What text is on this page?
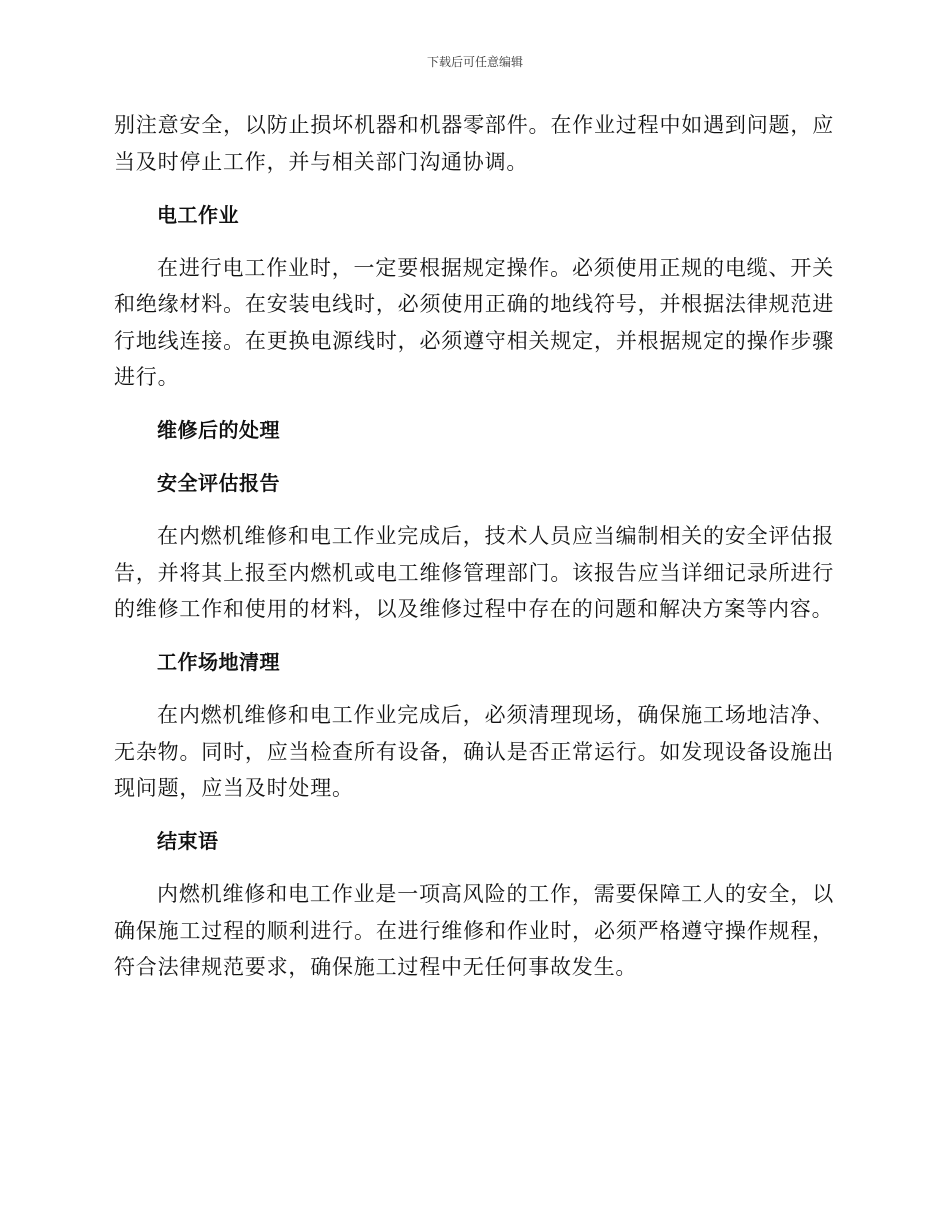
下载后可任意编辑

别注意安全，以防止损坏机器和机器零部件。在作业过程中如遇到问题，应当及时停止工作，并与相关部门沟通协调。

电工作业

在进行电工作业时，一定要根据规定操作。必须使用正规的电缆、开关和绝缘材料。在安装电线时，必须使用正确的地线符号，并根据法律规范进行地线连接。在更换电源线时，必须遵守相关规定，并根据规定的操作步骤进行。

维修后的处理
安全评估报告

在内燃机维修和电工作业完成后，技术人员应当编制相关的安全评估报告，并将其上报至内燃机或电工维修管理部门。该报告应当详细记录所进行的维修工作和使用的材料，以及维修过程中存在的问题和解决方案等内容。

工作场地清理

在内燃机维修和电工作业完成后，必须清理现场，确保施工场地洁净、无杂物。同时，应当检查所有设备，确认是否正常运行。如发现设备设施出现问题，应当及时处理。

结束语

内燃机维修和电工作业是一项高风险的工作，需要保障工人的安全，以确保施工过程的顺利进行。在进行维修和作业时，必须严格遵守操作规程，符合法律规范要求，确保施工过程中无任何事故发生。
